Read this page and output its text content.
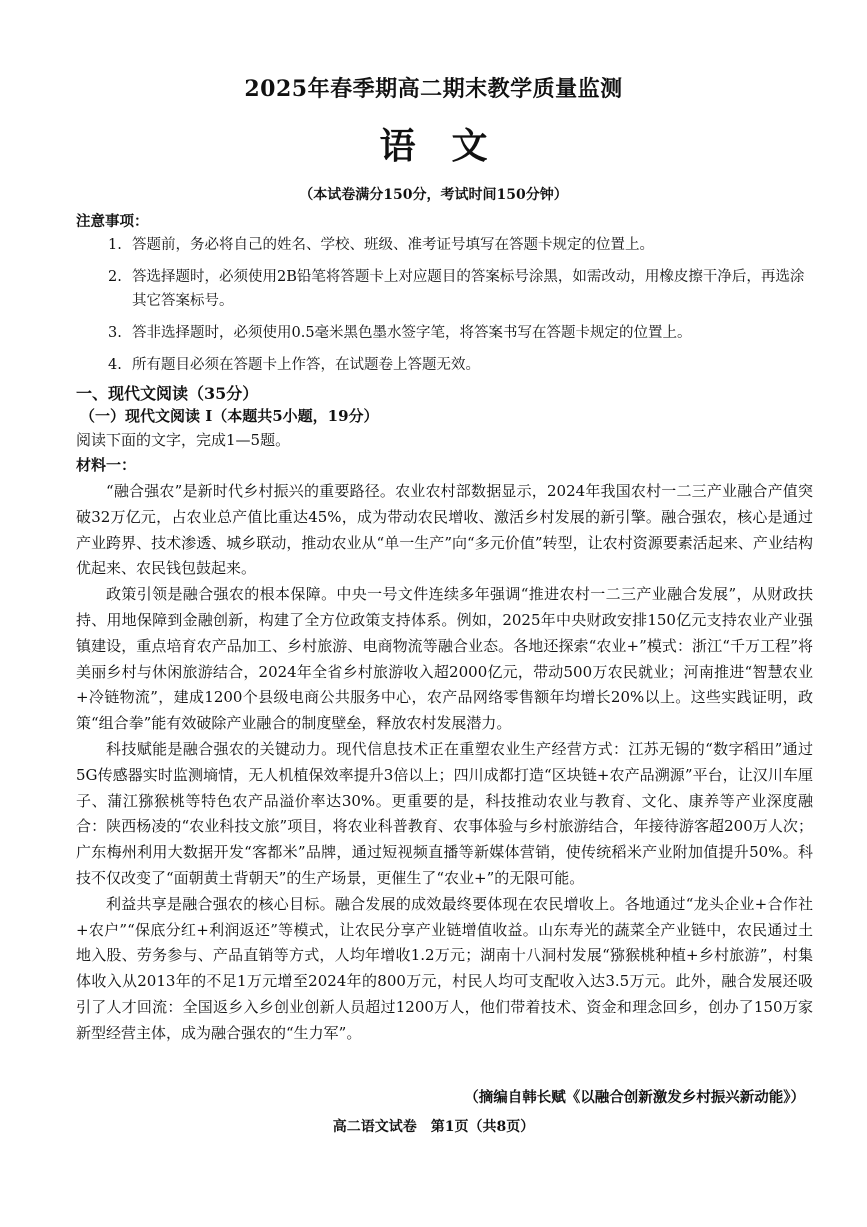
2025年春季期高二期末教学质量监测
语文
（本试卷满分150分，考试时间150分钟）
注意事项：
1. 答题前，务必将自己的姓名、学校、班级、准考证号填写在答题卡规定的位置上。
2. 答选择题时，必须使用2B铅笔将答题卡上对应题目的答案标号涂黑，如需改动，用橡皮擦干净后，再选涂其它答案标号。
3. 答非选择题时，必须使用0.5毫米黑色墨水签字笔，将答案书写在答题卡规定的位置上。
4. 所有题目必须在答题卡上作答，在试题卷上答题无效。
一、现代文阅读（35分）
（一）现代文阅读 I（本题共5小题，19分）
阅读下面的文字，完成1—5题。
材料一：

“融合强农”是新时代乡村振兴的重要路径。农业农村部数据显示，2024年我国农村一二三产业融合产值突破32万亿元，占农业总产值比重达45%，成为带动农民增收、激活乡村发展的新引擎。融合强农，核心是通过产业跨界、技术渗透、城乡联动，推动农业从“单一生产”向“多元价值”转型，让农村资源要素活起来、产业结构优起来、农民钱包鼓起来。

政策引领是融合强农的根本保障。中央一号文件连续多年强调“推进农村一二三产业融合发展”，从财政扶持、用地保障到金融创新，构建了全方位政策支持体系。例如，2025年中央财政安排150亿元支持农业产业强镇建设，重点培育农产品加工、乡村旅游、电商物流等融合业态。各地还探索“农业+”模式：浙江“千万工程”将美丽乡村与休闲旅游结合，2024年全省乡村旅游收入超2000亿元，带动500万农民就业；河南推进“智慧农业+冷链物流”，建成1200个县级电商公共服务中心，农产品网络零售额年均增长20%以上。这些实践证明，政策“组合拳”能有效破除产业融合的制度壁垒，释放农村发展潜力。

科技赋能是融合强农的关键动力。现代信息技术正在重塑农业生产经营方式：江苏无锡的“数字稻田”通过5G传感器实时监测墒情，无人机植保效率提升3倍以上；四川成都打造“区块链+农产品溯源”平台，让汉川车厘子、蒲江猕猴桃等特色农产品溢价率达30%。更重要的是，科技推动农业与教育、文化、康养等产业深度融合：陕西杨凌的“农业科技文旅”项目，将农业科普教育、农事体验与乡村旅游结合，年接待游客超200万人次；广东梅州利用大数据开发“客都米”品牌，通过短视频直播等新媒体营销，使传统稻米产业附加值提升50%。科技不仅改变了“面朝黄土背朝天”的生产场景，更催生了“农业+”的无限可能。

利益共享是融合强农的核心目标。融合发展的成效最终要体现在农民增收上。各地通过“龙头企业+合作社+农户”“保底分红+利润返还”等模式，让农民分享产业链增值收益。山东寿光的蔬菜全产业链中，农民通过土地入股、劳务参与、产品直销等方式，人均年增收1.2万元；湖南十八洞村发展“猕猴桃种植+乡村旅游”，村集体收入从2013年的不足1万元增至2024年的800万元，村民人均可支配收入达3.5万元。此外，融合发展还吸引了人才回流：全国返乡入乡创业创新人员超过1200万人，他们带着技术、资金和理念回乡，创办了150万家新型经营主体，成为融合强农的“生力军”。

（摘编自韩长赋《以融合创新激发乡村振兴新动能》）
高二语文试卷　第1页（共8页）
